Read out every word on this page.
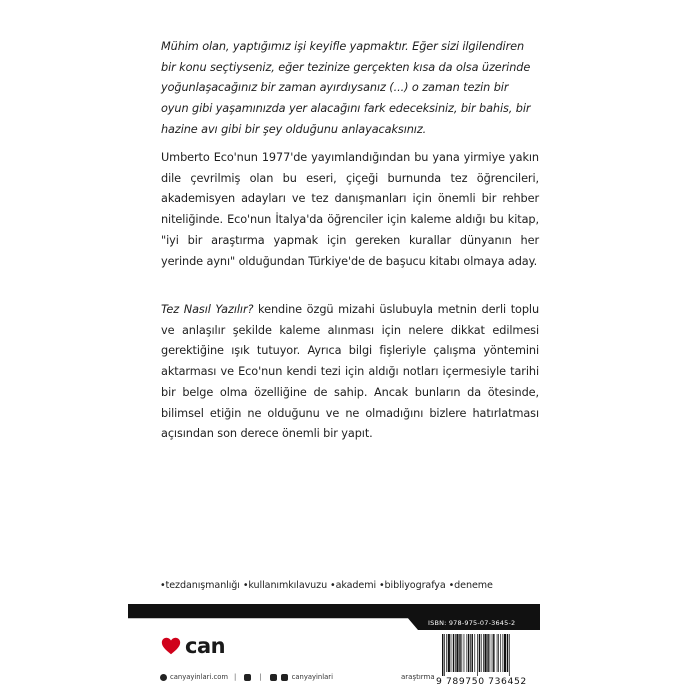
Mühim olan, yaptığımız işi keyifle yapmaktır. Eğer sizi ilgilendiren bir konu seçtiyseniz, eğer tezinize gerçekten kısa da olsa üzerinde yoğunlaşacağınız bir zaman ayırdıysanız (...) o zaman tezin bir oyun gibi yaşamınızda yer alacağını fark edeceksiniz, bir bahis, bir hazine avı gibi bir şey olduğunu anlayacaksınız.

Umberto Eco'nun 1977'de yayımlandığından bu yana yirmiye yakın dile çevrilmiş olan bu eseri, çiçeği burnunda tez öğrencileri, akademisyen adayları ve tez danışmanları için önemli bir rehber niteliğinde. Eco'nun İtalya'da öğrenciler için kaleme aldığı bu kitap, "iyi bir araştırma yapmak için gereken kurallar dünyanın her yerinde aynı" olduğundan Türkiye'de de başucu kitabı olmaya aday.

Tez Nasıl Yazılır? kendine özgü mizahi üslubuyla metnin derli toplu ve anlaşılır şekilde kaleme alınması için nelere dikkat edilmesi gerektiğine ışık tutuyor. Ayrıca bilgi fişleriyle çalışma yöntemini aktarması ve Eco'nun kendi tezi için aldığı notları içermesiyle tarihi bir belge olma özelliğine de sahip. Ancak bunların da ötesinde, bilimsel etiğin ne olduğunu ve ne olmadığını bizlere hatırlatması açısından son derece önemli bir yapıt.

•tezdanışmanlığı •kullanımkılavuzu •akademi •bibliyografya •deneme
ISBN: 978-975-07-3645-2
can
canyayinlari.com |	|	canyayinlari	araştırma 9 789750 736452
